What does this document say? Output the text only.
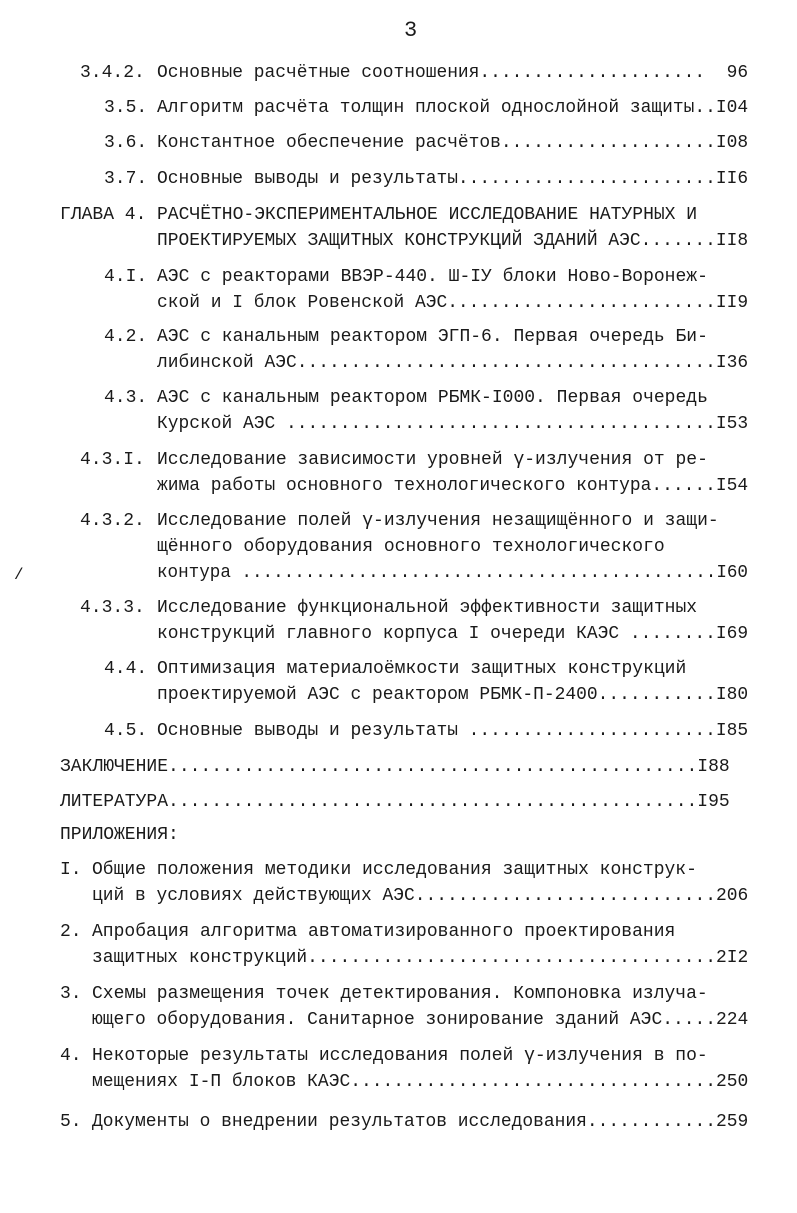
3
/

3.4.2.

Основные расчётные соотношения.....................  96

3.5.

Алгоритм расчёта толщин плоской однослойной защиты..I04

3.6.

Константное обеспечение расчётов....................I08

3.7.

Основные выводы и результаты........................II6

ГЛАВА 4.

РАСЧЁТНО-ЭКСПЕРИМЕНТАЛЬНОЕ ИССЛЕДОВАНИЕ НАТУРНЫХ И

ПРОЕКТИРУЕМЫХ ЗАЩИТНЫХ КОНСТРУКЦИЙ ЗДАНИЙ АЭС.......II8

4.I.

АЭС с реакторами ВВЭР-440. Ш-IУ блоки Ново-Воронеж-

ской и I блок Ровенской АЭС.........................II9

4.2.

АЭС с канальным реактором ЭГП-6. Первая очередь Би-

либинской АЭС.......................................I36

4.3.

АЭС с канальным реактором РБМК-I000. Первая очередь

Курской АЭС ........................................I53

4.3.I.

Исследование зависимости уровней γ-излучения от ре-

жима работы основного технологического контура......I54

4.3.2.

Исследование полей γ-излучения незащищённого и защи-

щённого оборудования основного технологического

контура .............................................I60

4.3.3.

Исследование функциональной эффективности защитных

конструкций главного корпуса I очереди КАЭС ........I69

4.4.

Оптимизация материалоёмкости защитных конструкций

проектируемой АЭС с реактором РБМК-П-2400...........I80

4.5.

Основные выводы и результаты .......................I85

ЗАКЛЮЧЕНИЕ.................................................I88

ЛИТЕРАТУРА.................................................I95

ПРИЛОЖЕНИЯ:

I.

Общие положения методики исследования защитных конструк-

ций в условиях действующих АЭС............................206

2.

Апробация алгоритма автоматизированного проектирования

защитных конструкций......................................2I2

3.

Схемы размещения точек детектирования. Компоновка излуча-

ющего оборудования. Санитарное зонирование зданий АЭС.....224

4.

Некоторые результаты исследования полей γ-излучения в по-

мещениях I-П блоков КАЭС..................................250

5.

Документы о внедрении результатов исследования............259
